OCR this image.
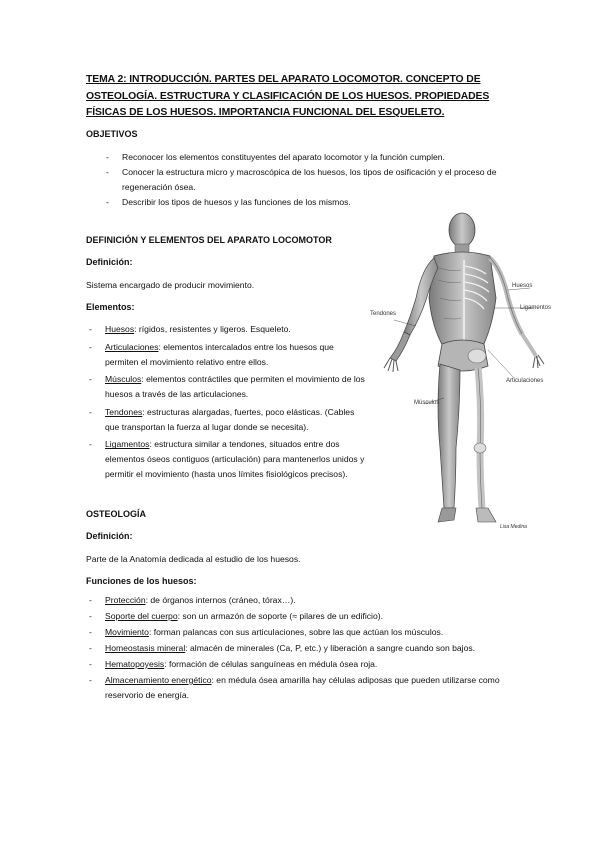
TEMA 2: INTRODUCCIÓN. PARTES DEL APARATO LOCOMOTOR. CONCEPTO DE OSTEOLOGÍA. ESTRUCTURA Y CLASIFICACIÓN DE LOS HUESOS. PROPIEDADES FÍSICAS DE LOS HUESOS. IMPORTANCIA FUNCIONAL DEL ESQUELETO.
OBJETIVOS
- Reconocer los elementos constituyentes del aparato locomotor y la función cumplen.
- Conocer la estructura micro y macroscópica de los huesos, los tipos de osificación y el proceso de regeneración ósea.
- Describir los tipos de huesos y las funciones de los mismos.
DEFINICIÓN Y ELEMENTOS DEL APARATO LOCOMOTOR
Definición:
Sistema encargado de producir movimiento.
Elementos:
- Huesos: rígidos, resistentes y ligeros. Esqueleto.
- Articulaciones: elementos intercalados entre los huesos que permiten el movimiento relativo entre ellos.
- Músculos: elementos contráctiles que permiten el movimiento de los huesos a través de las articulaciones.
- Tendones: estructuras alargadas, fuertes, poco elásticas. (Cables que transportan la fuerza al lugar donde se necesita).
- Ligamentos: estructura similar a tendones, situados entre dos elementos óseos contiguos (articulación) para mantenerlos unidos y permitir el movimiento (hasta unos límites fisiológicos precisos).
OSTEOLOGÍA
Definición:
Parte de la Anatomía dedicada al estudio de los huesos.
Funciones de los huesos:
- Protección: de órganos internos (cráneo, tórax…).
- Soporte del cuerpo: son un armazón de soporte (≈ pilares de un edificio).
- Movimiento: forman palancas con sus articulaciones, sobre las que actúan los músculos.
- Homeostasis mineral: almacén de minerales (Ca, P, etc.) y liberación a sangre cuando son bajos.
- Hematopoyesis: formación de células sanguíneas en médula ósea roja.
- Almacenamiento energético: en médula ósea amarilla hay células adiposas que pueden utilizarse como reservorio de energía.
Huesos
Ligamentos
Tendones
Articulaciones
Músculos
Lisa Medina
